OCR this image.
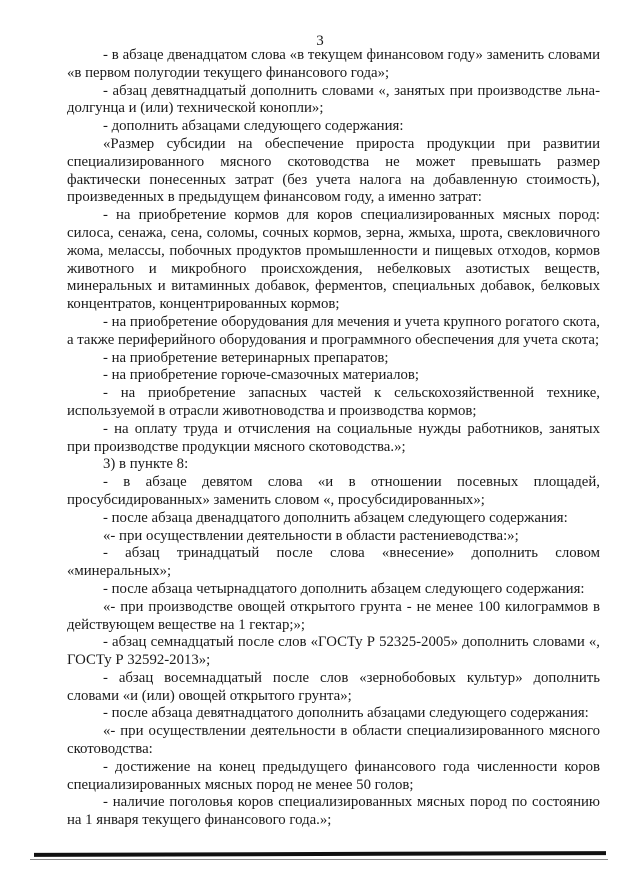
3

- в абзаце двенадцатом слова «в текущем финансовом году» заменить словами «в первом полугодии текущего финансового года»;

- абзац девятнадцатый дополнить словами «, занятых при производстве льна-долгунца и (или) технической конопли»;

- дополнить абзацами следующего содержания:

«Размер субсидии на обеспечение прироста продукции при развитии специализированного мясного скотоводства не может превышать размер фактически понесенных затрат (без учета налога на добавленную стоимость), произведенных в предыдущем финансовом году, а именно затрат:

- на приобретение кормов для коров специализированных мясных пород: силоса, сенажа, сена, соломы, сочных кормов, зерна, жмыха, шрота, свекловичного жома, мелассы, побочных продуктов промышленности и пищевых отходов, кормов животного и микробного происхождения, небелковых азотистых веществ, минеральных и витаминных добавок, ферментов, специальных добавок, белковых концентратов, концентрированных кормов;

- на приобретение оборудования для мечения и учета крупного рогатого скота, а также периферийного оборудования и программного обеспечения для учета скота;

- на приобретение ветеринарных препаратов;

- на приобретение горюче-смазочных материалов;

- на приобретение запасных частей к сельскохозяйственной технике, используемой в отрасли животноводства и производства кормов;

- на оплату труда и отчисления на социальные нужды работников, занятых при производстве продукции мясного скотоводства.»;

3) в пункте 8:

- в абзаце девятом слова «и в отношении посевных площадей, просубсидированных» заменить словом «, просубсидированных»;

- после абзаца двенадцатого дополнить абзацем следующего содержания:

«- при осуществлении деятельности в области растениеводства:»;

- абзац тринадцатый после слова «внесение» дополнить словом «минеральных»;

- после абзаца четырнадцатого дополнить абзацем следующего содержания:

«- при производстве овощей открытого грунта - не менее 100 килограммов в действующем веществе на 1 гектар;»;

- абзац семнадцатый после слов «ГОСТу Р 52325-2005» дополнить словами «, ГОСТу Р 32592-2013»;

- абзац восемнадцатый после слов «зернобобовых культур» дополнить словами «и (или) овощей открытого грунта»;

- после абзаца девятнадцатого дополнить абзацами следующего содержания:

«- при осуществлении деятельности в области специализированного мясного скотоводства:

- достижение на конец предыдущего финансового года численности коров специализированных мясных пород не менее 50 голов;

- наличие поголовья коров специализированных мясных пород по состоянию на 1 января текущего финансового года.»;
